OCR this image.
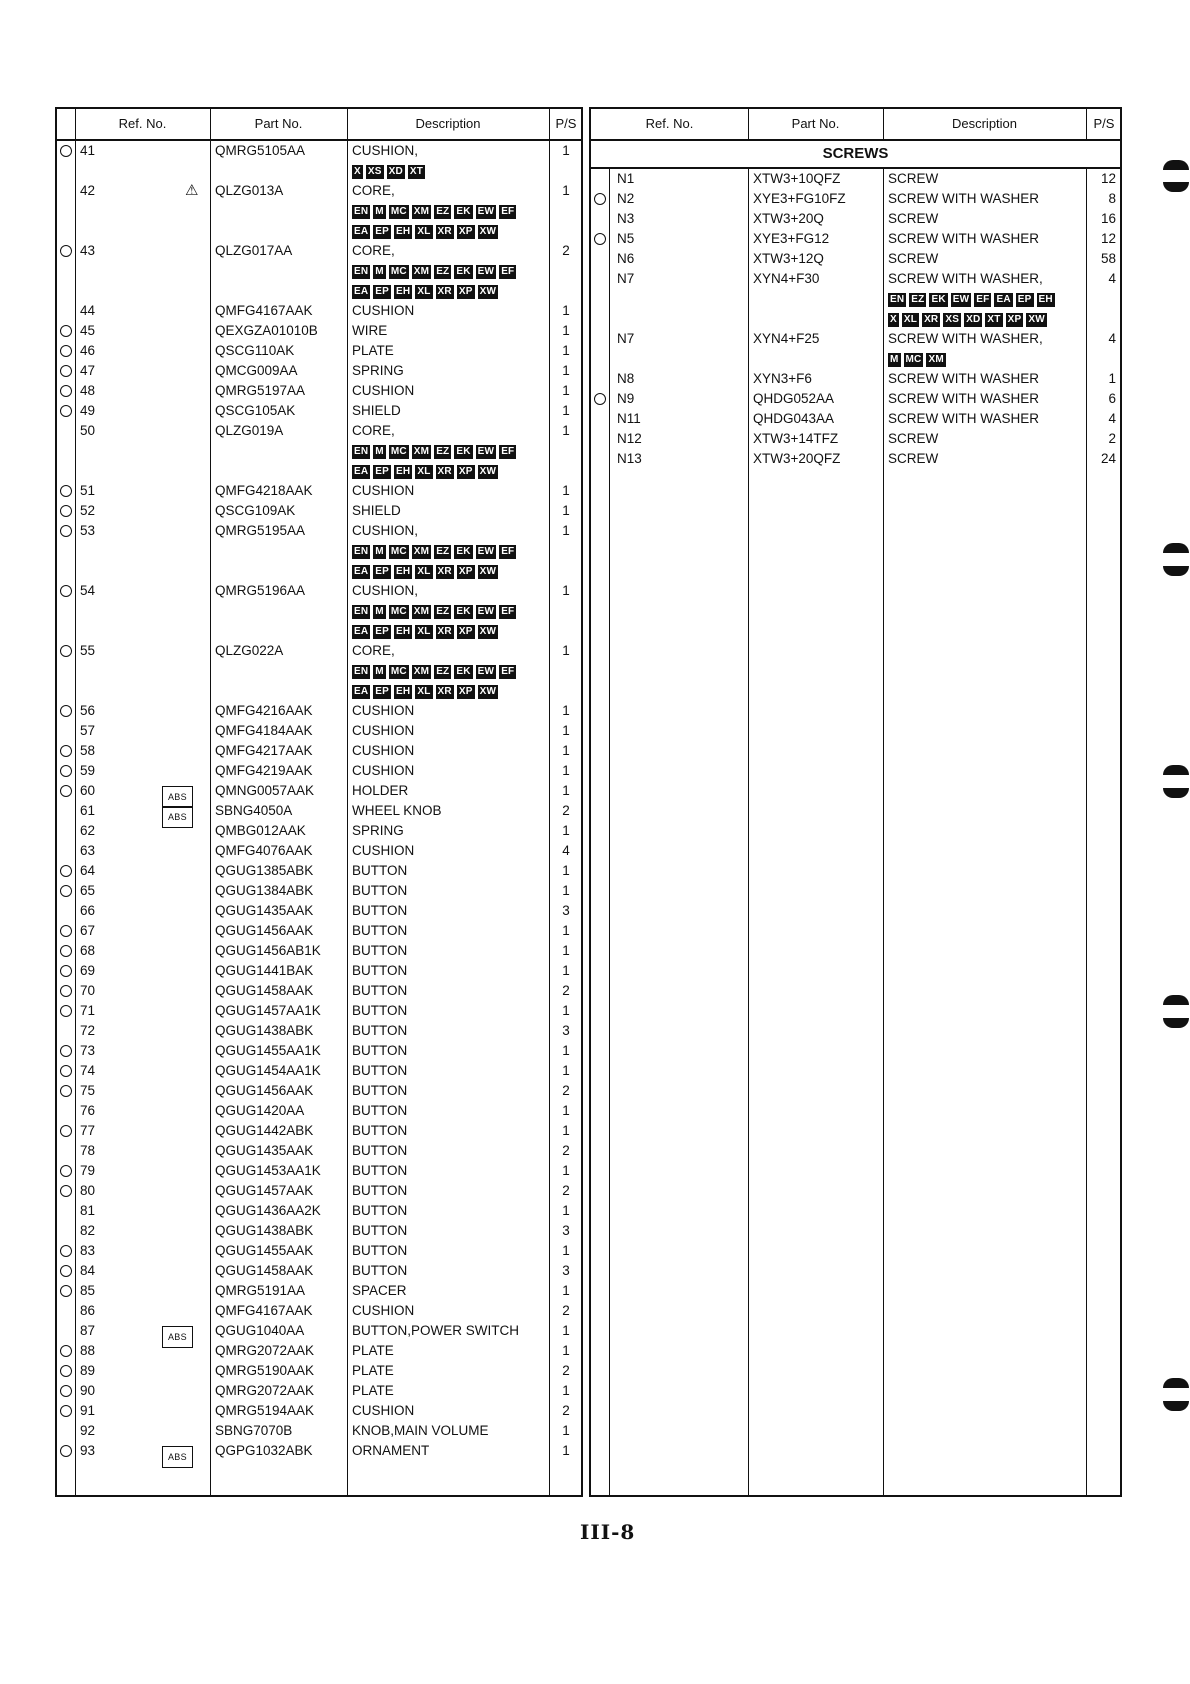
Ref. No.	Part No.	Description	P/S
41	QMRG5105AA	CUSHION,	1
X XS XD XT
42	⚠ QLZG013A	CORE,	1
EN M MC XM EZ EK EW EF
EA EP EH XL XR XP XW
43	QLZG017AA	CORE,	2
EN M MC XM EZ EK EW EF
EA EP EH XL XR XP XW
44	QMFG4167AAK	CUSHION	1
45	QEXGZA01010B	WIRE	1
46	QSCG110AK	PLATE	1
47	QMCG009AA	SPRING	1
48	QMRG5197AA	CUSHION	1
49	QSCG105AK	SHIELD	1
50	QLZG019A	CORE,	1
EN M MC XM EZ EK EW EF
EA EP EH XL XR XP XW
51	QMFG4218AAK	CUSHION	1
52	QSCG109AK	SHIELD	1
53	QMRG5195AA	CUSHION,	1
EN M MC XM EZ EK EW EF
EA EP EH XL XR XP XW
54	QMRG5196AA	CUSHION,	1
EN M MC XM EZ EK EW EF
EA EP EH XL XR XP XW
55	QLZG022A	CORE,	1
EN M MC XM EZ EK EW EF
EA EP EH XL XR XP XW
56	QMFG4216AAK	CUSHION	1
57	QMFG4184AAK	CUSHION	1
58	QMFG4217AAK	CUSHION	1
59	QMFG4219AAK	CUSHION	1
60	ABS	QMNG0057AAK	HOLDER	1
61	ABS	SBNG4050A	WHEEL KNOB	2
62	QMBG012AAK	SPRING	1
63	QMFG4076AAK	CUSHION	4
64	QGUG1385ABK	BUTTON	1
65	QGUG1384ABK	BUTTON	1
66	QGUG1435AAK	BUTTON	3
67	QGUG1456AAK	BUTTON	1
68	QGUG1456AB1K BUTTON	1
69	QGUG1441BAK	BUTTON	1
70	QGUG1458AAK	BUTTON	2
71	QGUG1457AA1K BUTTON	1
72	QGUG1438ABK	BUTTON	3
73	QGUG1455AA1K BUTTON	1
74	QGUG1454AA1K BUTTON	1
75	QGUG1456AAK	BUTTON	2
76	QGUG1420AA	BUTTON	1
77	QGUG1442ABK	BUTTON	1
78	QGUG1435AAK	BUTTON	2
79	QGUG1453AA1K BUTTON	1
80	QGUG1457AAK	BUTTON	2
81	QGUG1436AA2K BUTTON	1
82	QGUG1438ABK	BUTTON	3
83	QGUG1455AAK	BUTTON	1
84	QGUG1458AAK	BUTTON	3
85	QMRG5191AA	SPACER	1
86	QMFG4167AAK	CUSHION	2
87	ABS	QGUG1040AA	BUTTON,POWER SWITCH	1
88	QMRG2072AAK	PLATE	1
89	QMRG5190AAK	PLATE	2
90	QMRG2072AAK	PLATE	1
91	QMRG5194AAK	CUSHION	2
92	SBNG7070B	KNOB,MAIN VOLUME	1
93	ABS	QGPG1032ABK	ORNAMENT	1
Ref. No.	Part No.	Description	P/S
SCREWS
N1	XTW3+10QFZ	SCREW	12
N2	XYE3+FG10FZ	SCREW WITH WASHER	8
N3	XTW3+20Q	SCREW	16
N5	XYE3+FG12	SCREW WITH WASHER	12
N6	XTW3+12Q	SCREW	58
N7	XYN4+F30	SCREW WITH WASHER,	4
EN EZ EK EW EF EA EP EH
X XL XR XS XD XT XP XW
N7	XYN4+F25	SCREW WITH WASHER,	4
M MC XM
N8	XYN3+F6	SCREW WITH WASHER	1
N9	QHDG052AA	SCREW WITH WASHER	6
N11	QHDG043AA	SCREW WITH WASHER	4
N12	XTW3+14TFZ	SCREW	2
N13	XTW3+20QFZ	SCREW	24
III-8
